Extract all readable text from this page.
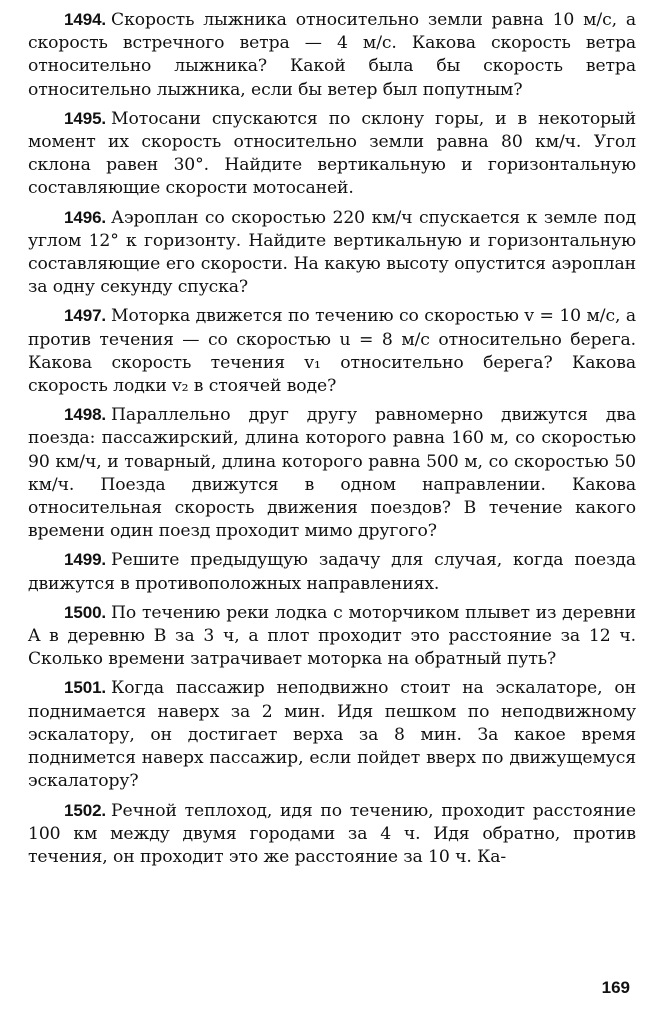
1494. Скорость лыжника относительно земли равна 10 м/с, а скорость встречного ветра — 4 м/с. Какова скорость ветра относительно лыжника? Какой была бы скорость ветра относительно лыжника, если бы ветер был попутным?

1495. Мотосани спускаются по склону горы, и в некоторый момент их скорость относительно земли равна 80 км/ч. Угол склона равен 30°. Найдите вертикальную и горизонтальную составляющие скорости мотосаней.

1496. Аэроплан со скоростью 220 км/ч спускается к земле под углом 12° к горизонту. Найдите вертикальную и горизонтальную составляющие его скорости. На какую высоту опустится аэроплан за одну секунду спуска?

1497. Моторка движется по течению со скоростью v = 10 м/с, а против течения — со скоростью u = 8 м/с относительно берега. Какова скорость течения v₁ относительно берега? Какова скорость лодки v₂ в стоячей воде?

1498. Параллельно друг другу равномерно движутся два поезда: пассажирский, длина которого равна 160 м, со скоростью 90 км/ч, и товарный, длина которого равна 500 м, со скоростью 50 км/ч. Поезда движутся в одном направлении. Какова относительная скорость движения поездов? В течение какого времени один поезд проходит мимо другого?

1499. Решите предыдущую задачу для случая, когда поезда движутся в противоположных направлениях.

1500. По течению реки лодка с моторчиком плывет из деревни A в деревню B за 3 ч, а плот проходит это расстояние за 12 ч. Сколько времени затрачивает моторка на обратный путь?

1501. Когда пассажир неподвижно стоит на эскалаторе, он поднимается наверх за 2 мин. Идя пешком по неподвижному эскалатору, он достигает верха за 8 мин. За какое время поднимется наверх пассажир, если пойдет вверх по движущемуся эскалатору?

1502. Речной теплоход, идя по течению, проходит расстояние 100 км между двумя городами за 4 ч. Идя обратно, против течения, он проходит это же расстояние за 10 ч. Ка-

169
